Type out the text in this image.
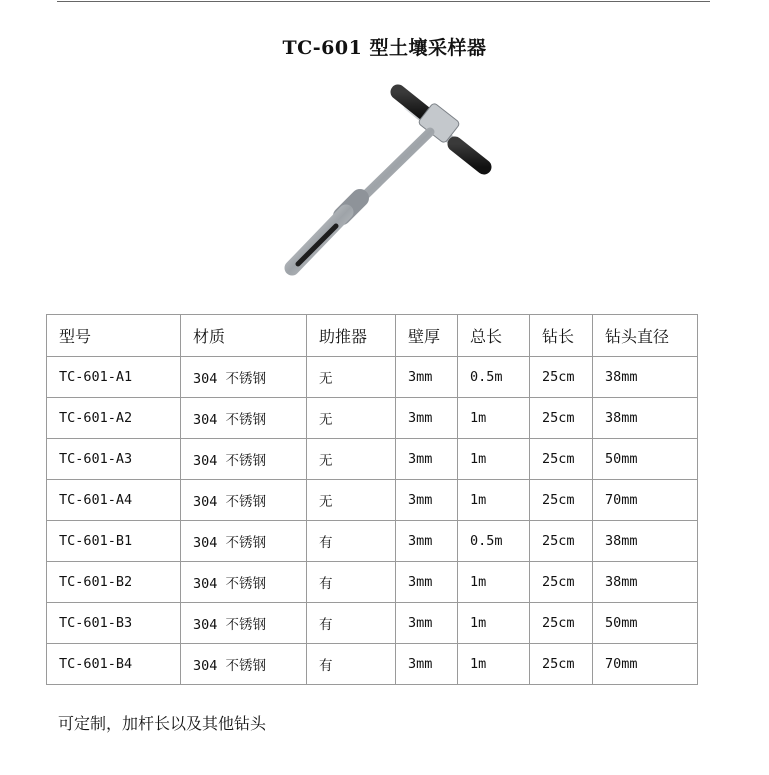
TC-601 型土壤采样器
型号	材质	助推器	壁厚	总长	钻长	钻头直径
TC-601-A1	304 不锈钢	无	3mm	0.5m	25cm	38mm
TC-601-A2	304 不锈钢	无	3mm	1m	25cm	38mm
TC-601-A3	304 不锈钢	无	3mm	1m	25cm	50mm
TC-601-A4	304 不锈钢	无	3mm	1m	25cm	70mm
TC-601-B1	304 不锈钢	有	3mm	0.5m	25cm	38mm
TC-601-B2	304 不锈钢	有	3mm	1m	25cm	38mm
TC-601-B3	304 不锈钢	有	3mm	1m	25cm	50mm
TC-601-B4	304 不锈钢	有	3mm	1m	25cm	70mm
可定制，加杆长以及其他钻头
